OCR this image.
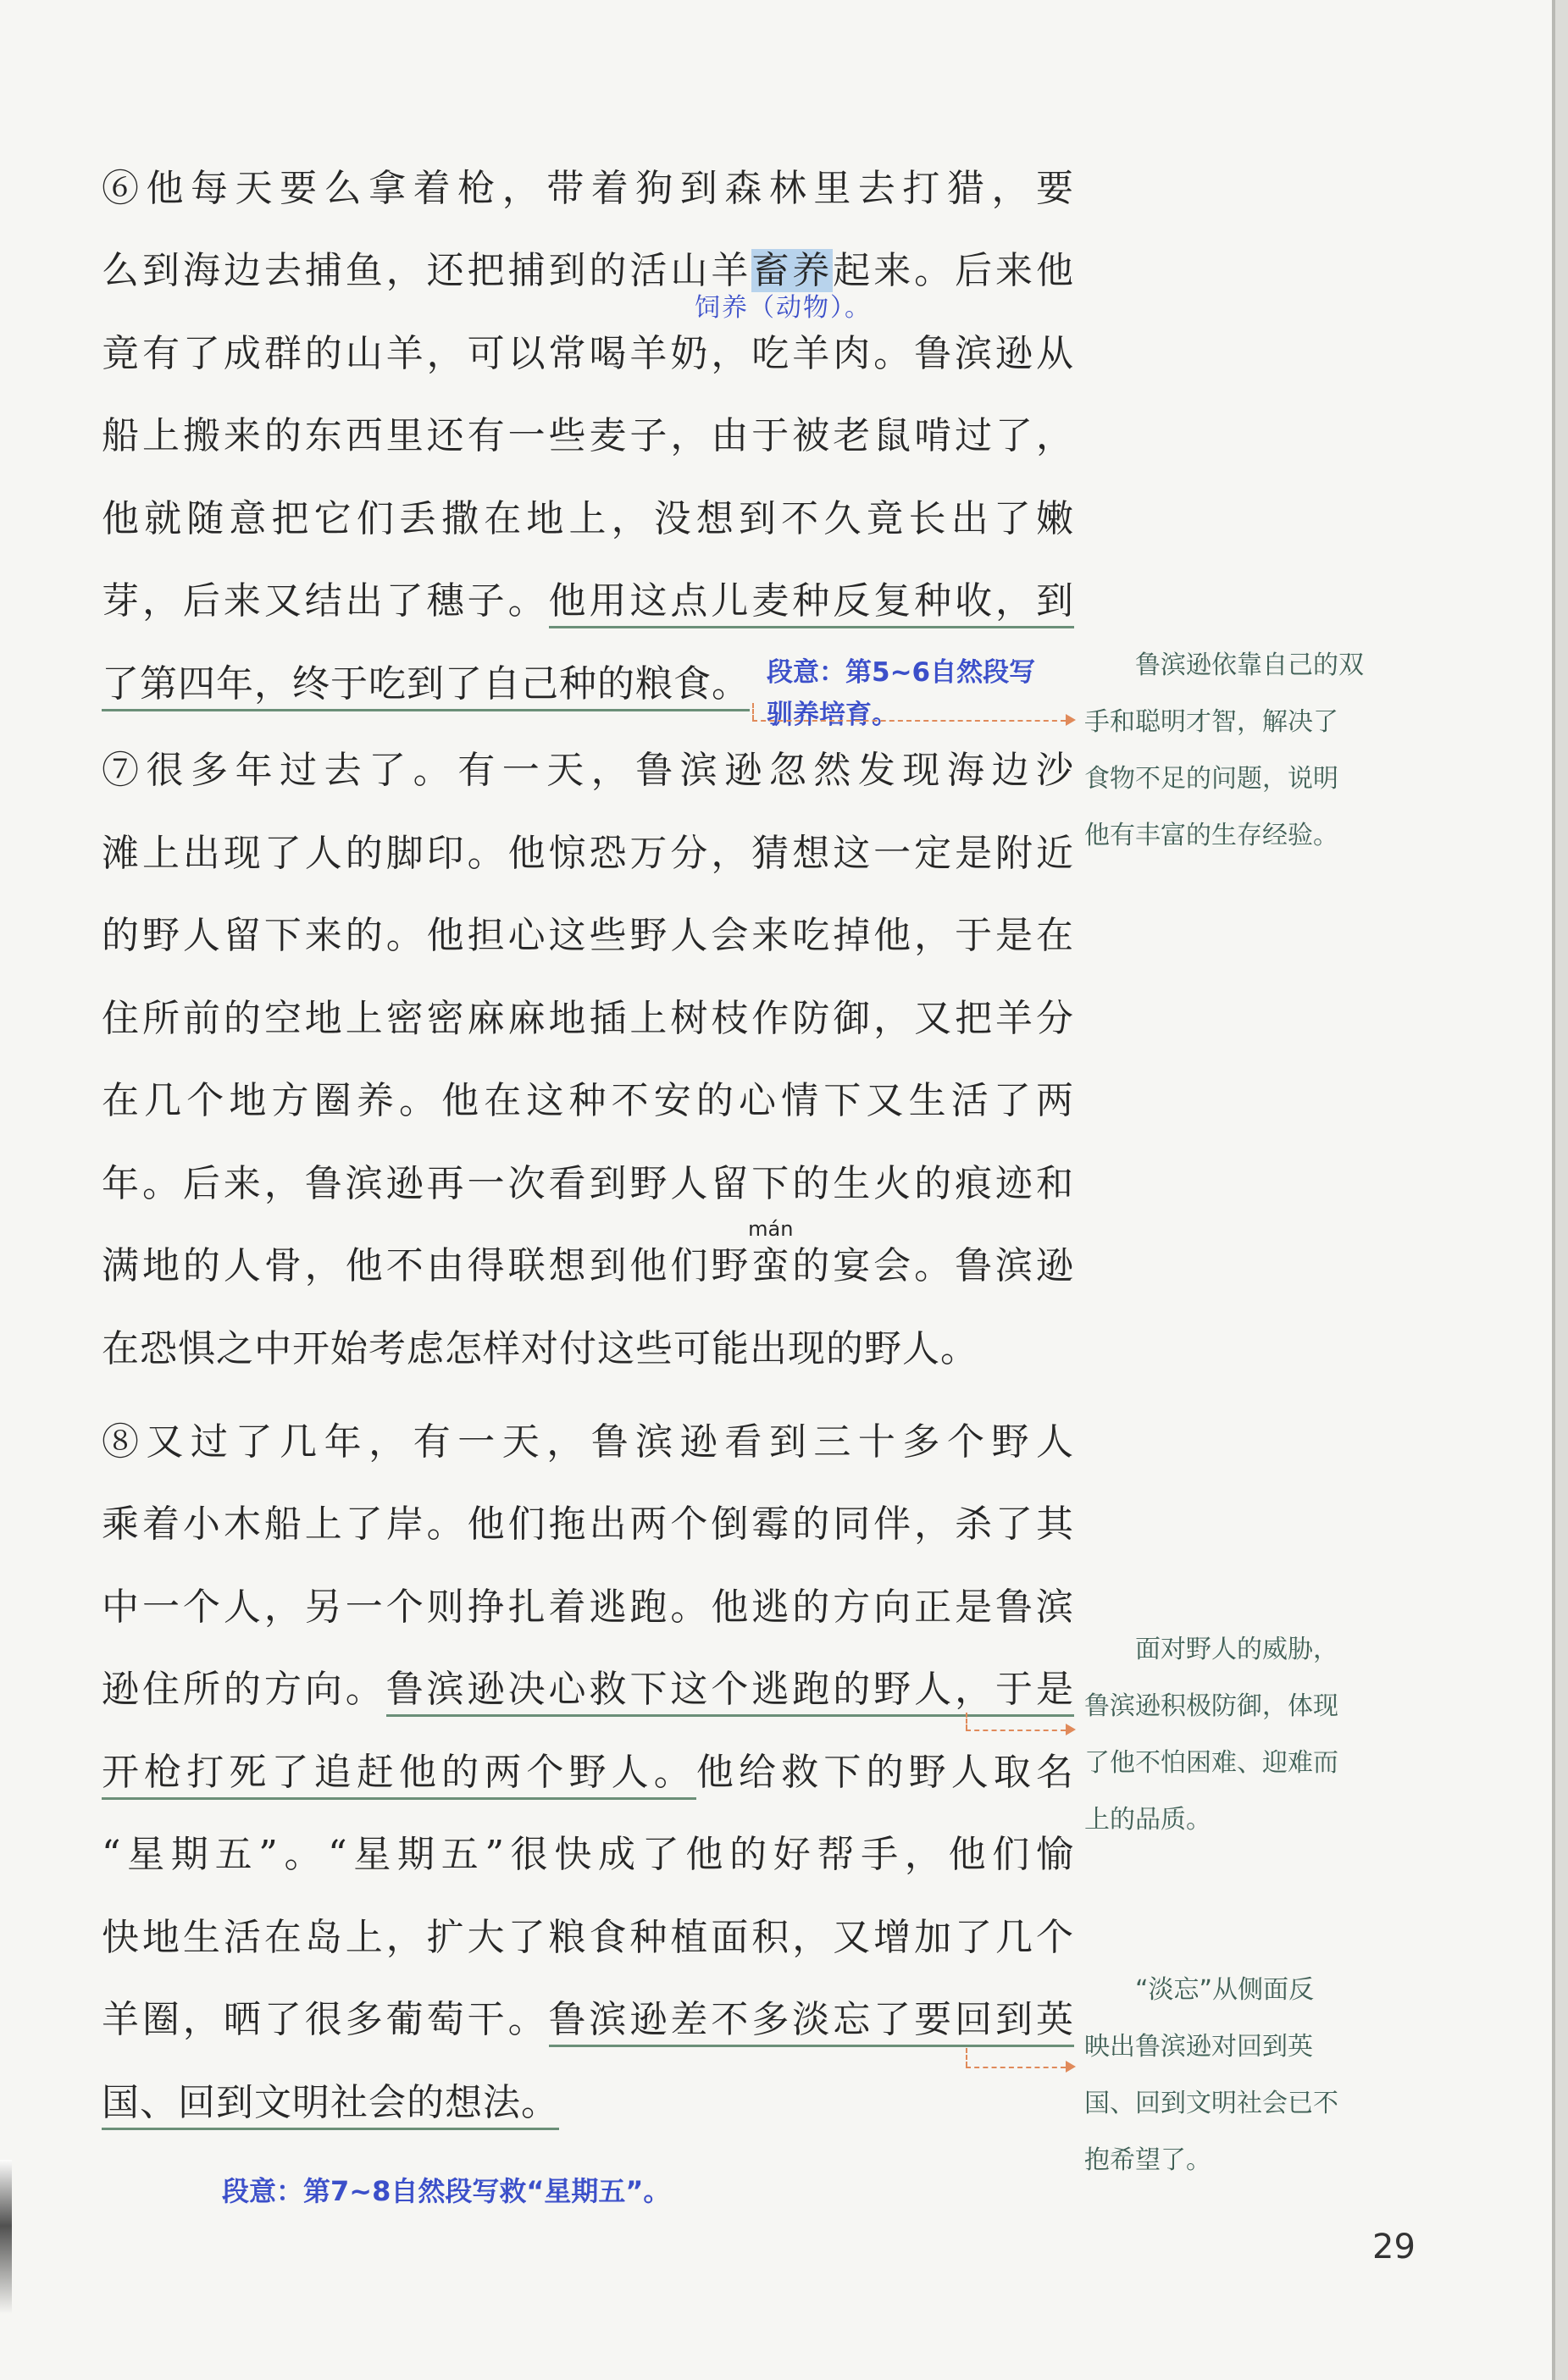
⑥他每天要么拿着枪，带着狗到森林里去打猎，要
么到海边去捕鱼，还把捕到的活山羊畜养起来。后来他
竟有了成群的山羊，可以常喝羊奶，吃羊肉。鲁滨逊从
船上搬来的东西里还有一些麦子，由于被老鼠啃过了，
他就随意把它们丢撒在地上，没想到不久竟长出了嫩
芽，后来又结出了穗子。他用这点儿麦种反复种收，到
了第四年，终于吃到了自己种的粮食。
⑦很多年过去了。有一天，鲁滨逊忽然发现海边沙
滩上出现了人的脚印。他惊恐万分，猜想这一定是附近
的野人留下来的。他担心这些野人会来吃掉他，于是在
住所前的空地上密密麻麻地插上树枝作防御，又把羊分
在几个地方圈养。他在这种不安的心情下又生活了两
年。后来，鲁滨逊再一次看到野人留下的生火的痕迹和
满地的人骨，他不由得联想到他们野
mán
蛮的宴会。鲁滨逊
在恐惧之中开始考虑怎样对付这些可能出现的野人。
⑧又过了几年，有一天，鲁滨逊看到三十多个野人
乘着小木船上了岸。他们拖出两个倒霉的同伴，杀了其
中一个人，另一个则挣扎着逃跑。他逃的方向正是鲁滨
逊住所的方向。鲁滨逊决心救下这个逃跑的野人，于是
开枪打死了追赶他的两个野人。他给救下的野人取名
“星期五”。“星期五”很快成了他的好帮手，他们愉
快地生活在岛上，扩大了粮食种植面积，又增加了几个
羊圈，晒了很多葡萄干。鲁滨逊差不多淡忘了要回到英
国、回到文明社会的想法。
饲养（动物）。
段意：第5~6自然段写
驯养培育。
段意：第7~8自然段写救“星期五”。
鲁滨逊依靠自己的双
手和聪明才智，解决了
食物不足的问题，说明
他有丰富的生存经验。
面对野人的威胁，
鲁滨逊积极防御，体现
了他不怕困难、迎难而
上的品质。
“淡忘”从侧面反
映出鲁滨逊对回到英
国、回到文明社会已不
抱希望了。
29
